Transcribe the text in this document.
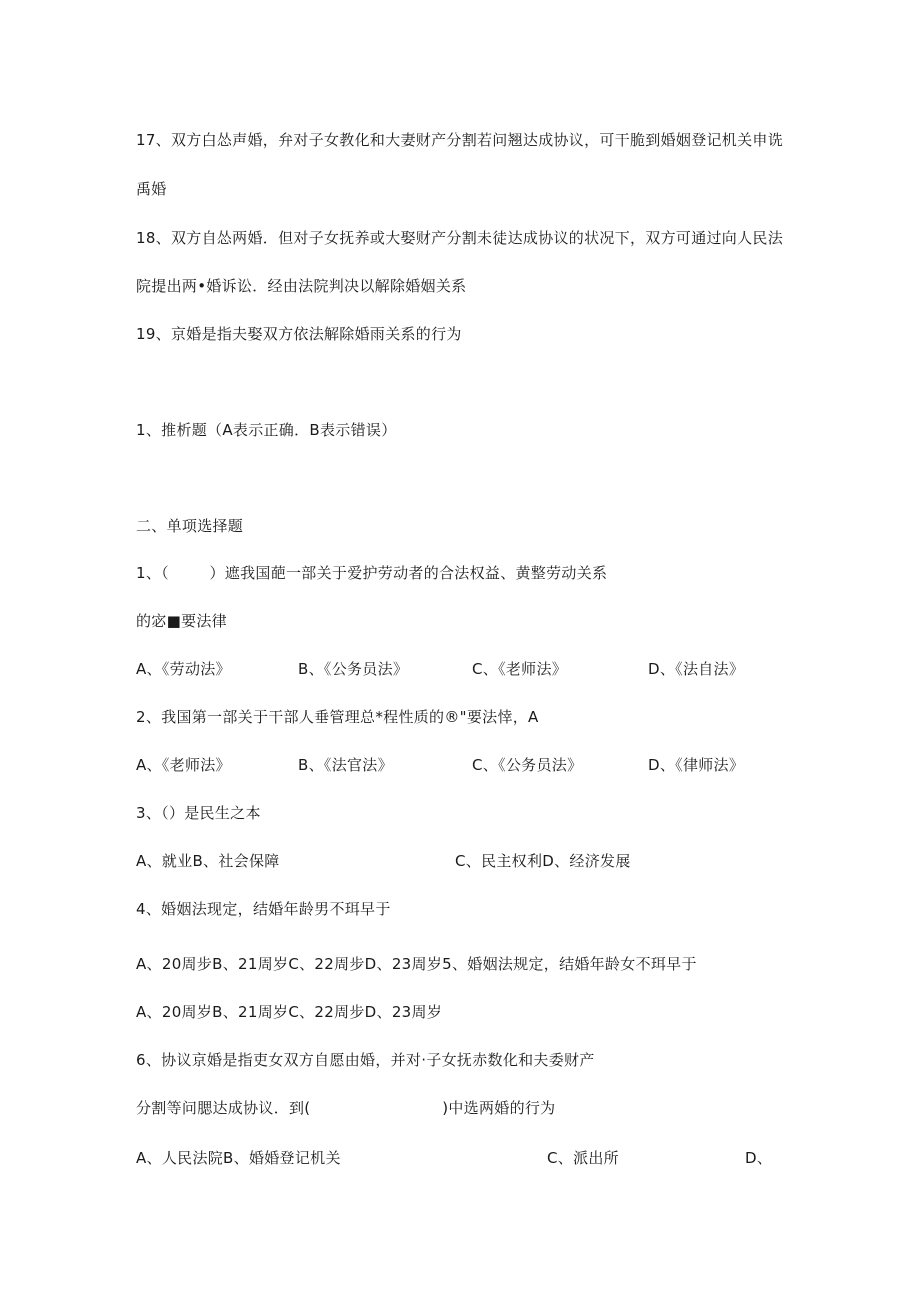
17、双方白怂声婚，弁对子女教化和大妻财产分割若问翘达成协议，可干脆到婚姻登记机关申诜
禹婚
18、双方自怂两婚．但对子女抚养或大娶财产分割未徒达成协议的状况下，双方可通过向人民法
院提出两•婚诉讼．经由法院判决以解除婚姻关系
19、京婚是指夫娶双方依法解除婚雨关系的行为
1、推析题（A表示正确．B表示错误）
二、单项选择题
1、（        ）遮我国葩一部关于爱护劳动者的合法权益、黄整劳动关系
的宓■要法律
A、《劳动法》	B、《公务员法》	C、《老师法》	D、《法自法》
2、我国第一部关于干部人垂管理总*程性质的®"要法悻，A
A、《老师法》	B、《法官法》	C、《公务员法》	D、《律师法》
3、（）是民生之本
A、就业B、社会保障	C、民主权利D、经济发展
4、婚姻法现定，结婚年龄男不珥早于
A、20周步B、21周岁C、22周步D、23周岁5、婚姻法规定，结婚年龄女不珥早于
A、20周岁B、21周岁C、22周步D、23周岁
6、协议京婚是指吏女双方自愿由婚，并对·子女抚赤数化和夫委财产
分割等问腮达成协议．到(                          )中选两婚的行为
A、人民法院B、婚婚登记机关	C、派出所	D、
